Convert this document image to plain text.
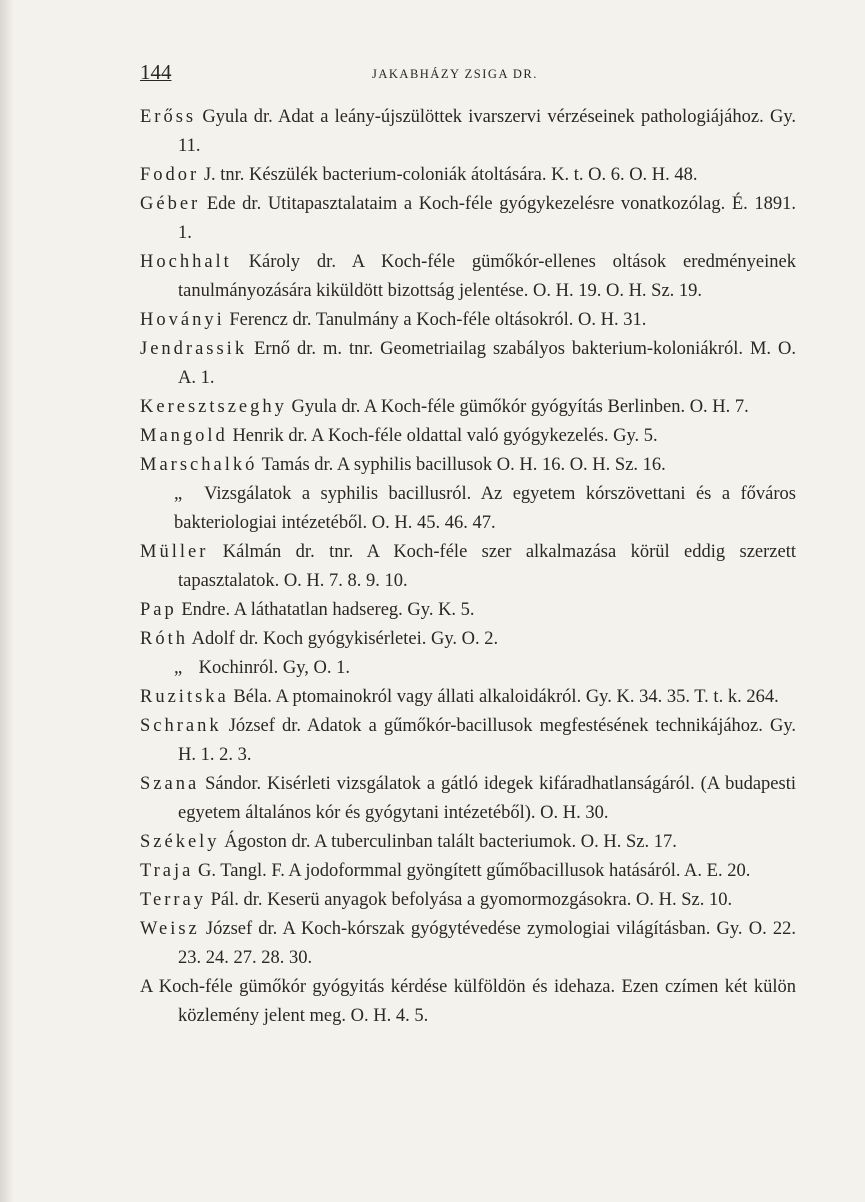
144	JAKABHÁZY ZSIGA DR.

Erőss Gyula dr. Adat a leány-újszülöttek ivarszervi vérzéseinek pathologiájához. Gy. 11.

Fodor J. tnr. Készülék bacterium-coloniák átoltására. K. t. O. 6. O. H. 48.

Géber Ede dr. Utitapasztalataim a Koch-féle gyógykezelésre vonatkozólag. É. 1891. 1.

Hochhalt Károly dr. A Koch-féle gümőkór-ellenes oltások eredményeinek tanulmányozására kiküldött bizottság jelentése. O. H. 19. O. H. Sz. 19.

Hoványi Ferencz dr. Tanulmány a Koch-féle oltásokról. O. H. 31.

Jendrassik Ernő dr. m. tnr. Geometriailag szabályos bakterium-koloniákról. M. O. A. 1.

Keresztszeghy Gyula dr. A Koch-féle gümőkór gyógyítás Berlinben. O. H. 7.

Mangold Henrik dr. A Koch-féle oldattal való gyógykezelés. Gy. 5.

Marschalkó Tamás dr. A syphilis bacillusok O. H. 16. O. H. Sz. 16.

„ Vizsgálatok a syphilis bacillusról. Az egyetem kórszövettani és a főváros bakteriologiai intézetéből. O. H. 45. 46. 47.

Müller Kálmán dr. tnr. A Koch-féle szer alkalmazása körül eddig szerzett tapasztalatok. O. H. 7. 8. 9. 10.

Pap Endre. A láthatatlan hadsereg. Gy. K. 5.

Róth Adolf dr. Koch gyógykisérletei. Gy. O. 2.

„ Kochinról. Gy, O. 1.

Ruzitska Béla. A ptomainokról vagy állati alkaloidákról. Gy. K. 34. 35. T. t. k. 264.

Schrank József dr. Adatok a gűmőkór-bacillusok megfestésének technikájához. Gy. H. 1. 2. 3.

Szana Sándor. Kisérleti vizsgálatok a gátló idegek kifáradhatlanságáról. (A budapesti egyetem általános kór és gyógytani intézetéből). O. H. 30.

Székely Ágoston dr. A tuberculinban talált bacteriumok. O. H. Sz. 17.

Traja G. Tangl. F. A jodoformmal gyöngített gűmőbacillusok hatásáról. A. E. 20.

Terray Pál. dr. Keserü anyagok befolyása a gyomormozgásokra. O. H. Sz. 10.

Weisz József dr. A Koch-kórszak gyógytévedése zymologiai világításban. Gy. O. 22. 23. 24. 27. 28. 30.

A Koch-féle gümőkór gyógyitás kérdése külföldön és idehaza. Ezen czímen két külön közlemény jelent meg. O. H. 4. 5.
